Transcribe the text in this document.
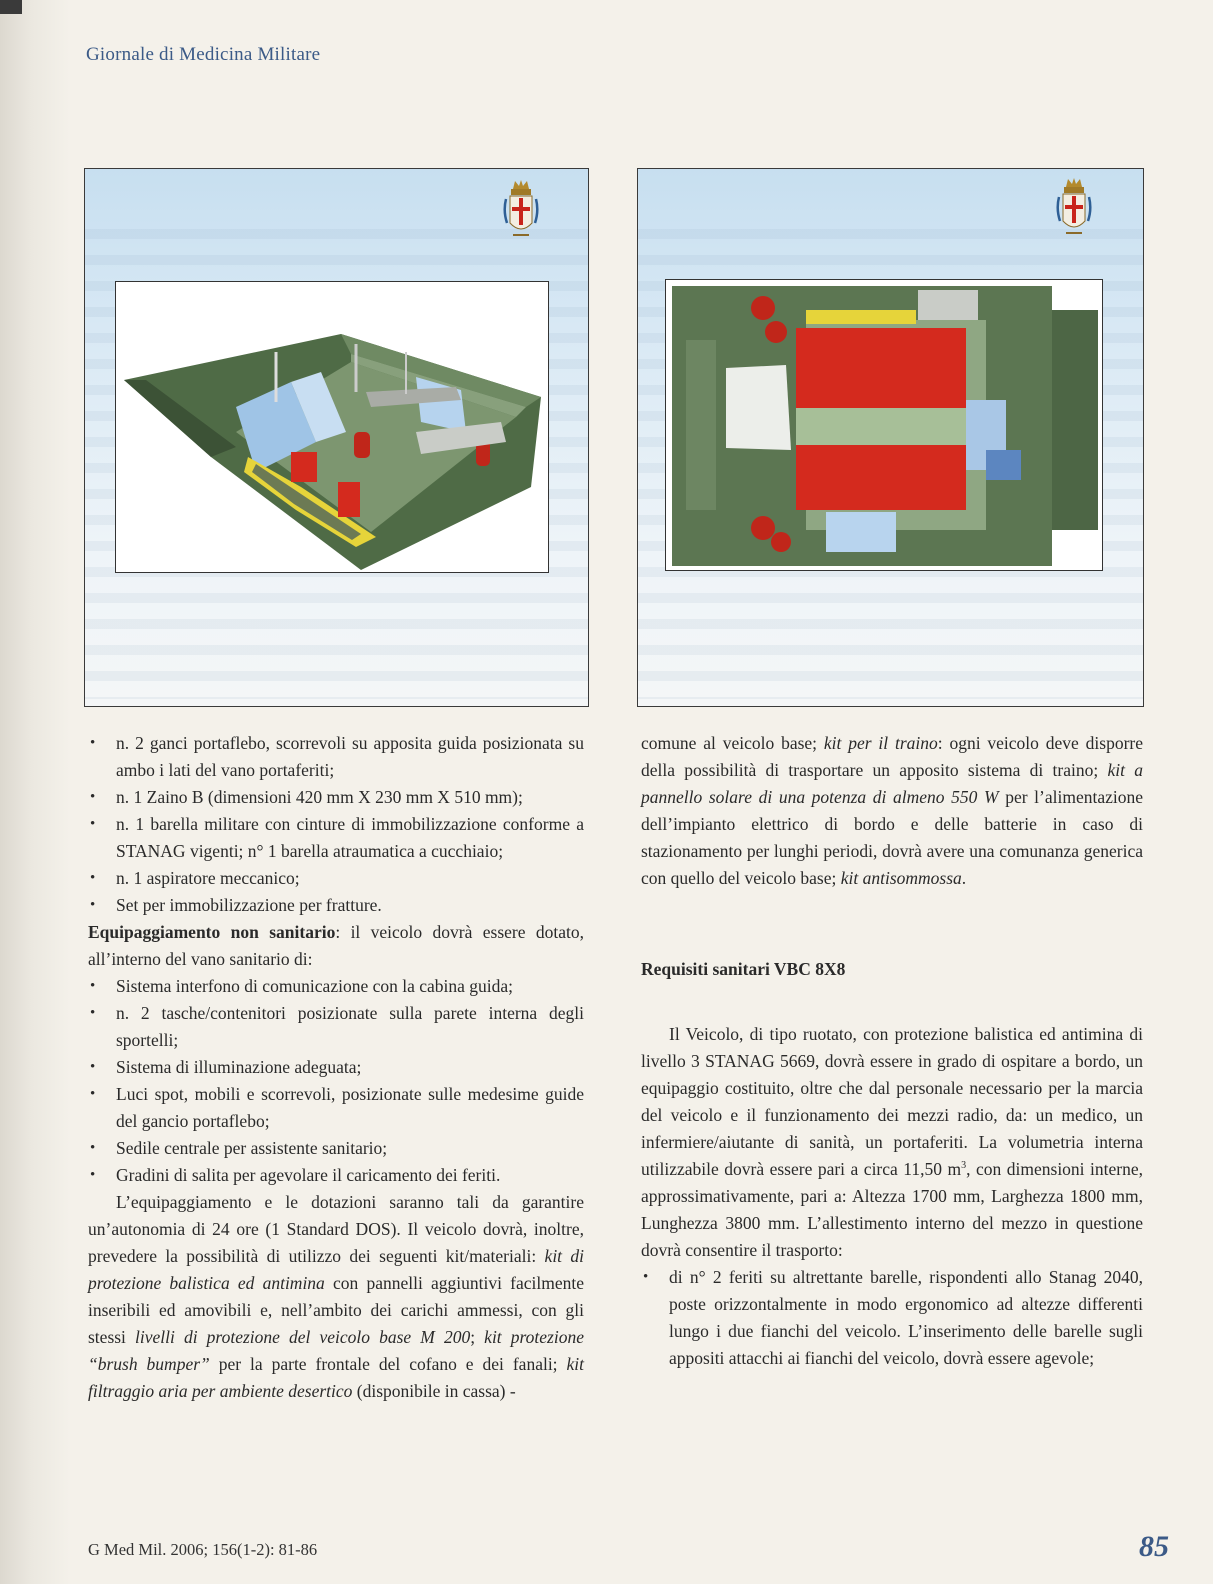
Giornale di Medicina Militare
• n. 2 ganci portaflebo, scorrevoli su apposita guida posizionata su ambo i lati del vano portaferiti;
• n. 1 Zaino B (dimensioni 420 mm X 230 mm X 510 mm);
• n. 1 barella militare con cinture di immobilizzazione conforme a STANAG vigenti; n° 1 barella atraumatica a cucchiaio;
• n. 1 aspiratore meccanico;
• Set per immobilizzazione per fratture.

Equipaggiamento non sanitario: il veicolo dovrà essere dotato, all’interno del vano sanitario di:

• Sistema interfono di comunicazione con la cabina guida;
• n. 2 tasche/contenitori posizionate sulla parete interna degli sportelli;
• Sistema di illuminazione adeguata;
• Luci spot, mobili e scorrevoli, posizionate sulle medesime guide del gancio portaflebo;
• Sedile centrale per assistente sanitario;
• Gradini di salita per agevolare il caricamento dei feriti.

L’equipaggiamento e le dotazioni saranno tali da garantire un’autonomia di 24 ore (1 Standard DOS). Il veicolo dovrà, inoltre, prevedere la possibilità di utilizzo dei seguenti kit/materiali: kit di protezione balistica ed antimina con pannelli aggiuntivi facilmente inseribili ed amovibili e, nell’ambito dei carichi ammessi, con gli stessi livelli di protezione del veicolo base M 200; kit protezione “brush bumper” per la parte frontale del cofano e dei fanali; kit filtraggio aria per ambiente desertico (disponibile in cassa) -

comune al veicolo base; kit per il traino: ogni veicolo deve disporre della possibilità di trasportare un apposito sistema di traino; kit a pannello solare di una potenza di almeno 550 W per l’alimentazione dell’impianto elettrico di bordo e delle batterie in caso di stazionamento per lunghi periodi, dovrà avere una comunanza generica con quello del veicolo base; kit antisommossa.

Requisiti sanitari VBC 8X8

Il Veicolo, di tipo ruotato, con protezione balistica ed antimina di livello 3 STANAG 5669, dovrà essere in grado di ospitare a bordo, un equipaggio costituito, oltre che dal personale necessario per la marcia del veicolo e il funzionamento dei mezzi radio, da: un medico, un infermiere/aiutante di sanità, un portaferiti. La volumetria interna utilizzabile dovrà essere pari a circa 11,50 $m^3$, con dimensioni interne, approssimativamente, pari a: Altezza 1700 mm, Larghezza 1800 mm, Lunghezza 3800 mm. L’allestimento interno del mezzo in questione dovrà consentire il trasporto:

• di n° 2 feriti su altrettante barelle, rispondenti allo Stanag 2040, poste orizzontalmente in modo ergonomico ad altezze differenti lungo i due fianchi del veicolo. L’inserimento delle barelle sugli appositi attacchi ai fianchi del veicolo, dovrà essere agevole;
G Med Mil. 2006; 156(1-2): 81-86	85
